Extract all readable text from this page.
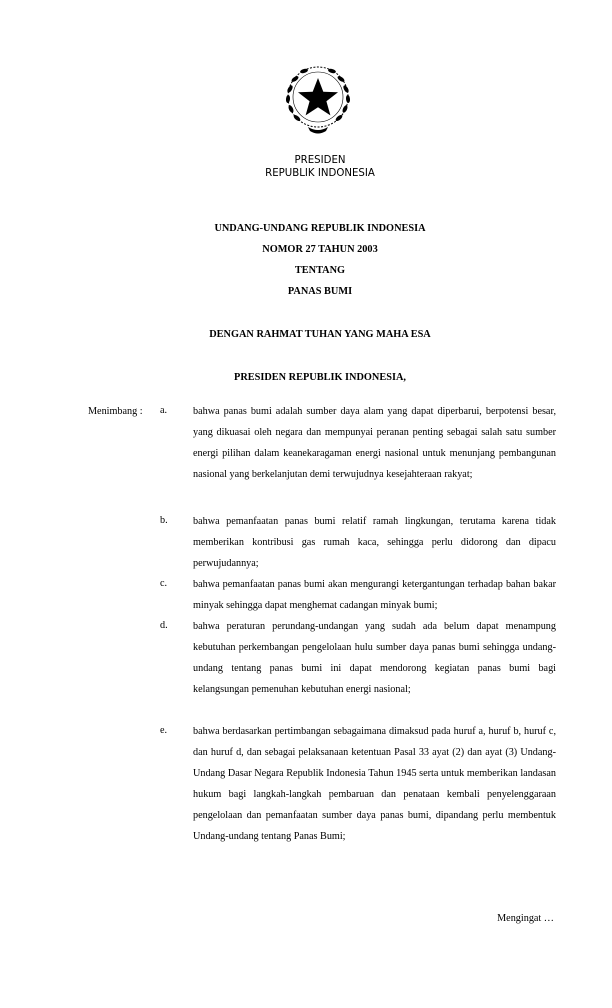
PRESIDEN
REPUBLIK INDONESIA
UNDANG-UNDANG REPUBLIK INDONESIA
NOMOR 27 TAHUN 2003
TENTANG
PANAS BUMI
DENGAN RAHMAT TUHAN YANG MAHA ESA
PRESIDEN REPUBLIK INDONESIA,
Menimbang : a.	bahwa panas bumi adalah sumber daya alam yang dapat diperbarui, berpotensi besar, yang dikuasai oleh negara dan mempunyai peranan penting sebagai salah satu sumber energi pilihan dalam keanekaragaman energi nasional untuk menunjang pembangunan nasional yang berkelanjutan demi terwujudnya kesejahteraan rakyat;
b.	bahwa pemanfaatan panas bumi relatif ramah lingkungan, terutama karena tidak memberikan kontribusi gas rumah kaca, sehingga perlu didorong dan dipacu perwujudannya;
c.	bahwa pemanfaatan panas bumi akan mengurangi ketergantungan terhadap bahan bakar minyak sehingga dapat menghemat cadangan minyak bumi;
d.	bahwa peraturan perundang-undangan yang sudah ada belum dapat menampung kebutuhan perkembangan pengelolaan hulu sumber daya panas bumi sehingga undang-undang tentang panas bumi ini dapat mendorong kegiatan panas bumi bagi kelangsungan pemenuhan kebutuhan energi nasional;
e.	bahwa berdasarkan pertimbangan sebagaimana dimaksud pada huruf a, huruf b, huruf c, dan huruf d, dan sebagai pelaksanaan ketentuan Pasal 33 ayat (2) dan ayat (3) Undang-Undang Dasar Negara Republik Indonesia Tahun 1945 serta untuk memberikan landasan hukum bagi langkah-langkah pembaruan dan penataan kembali penyelenggaraan pengelolaan dan pemanfaatan sumber daya panas bumi, dipandang perlu membentuk Undang-undang tentang Panas Bumi;
Mengingat …
